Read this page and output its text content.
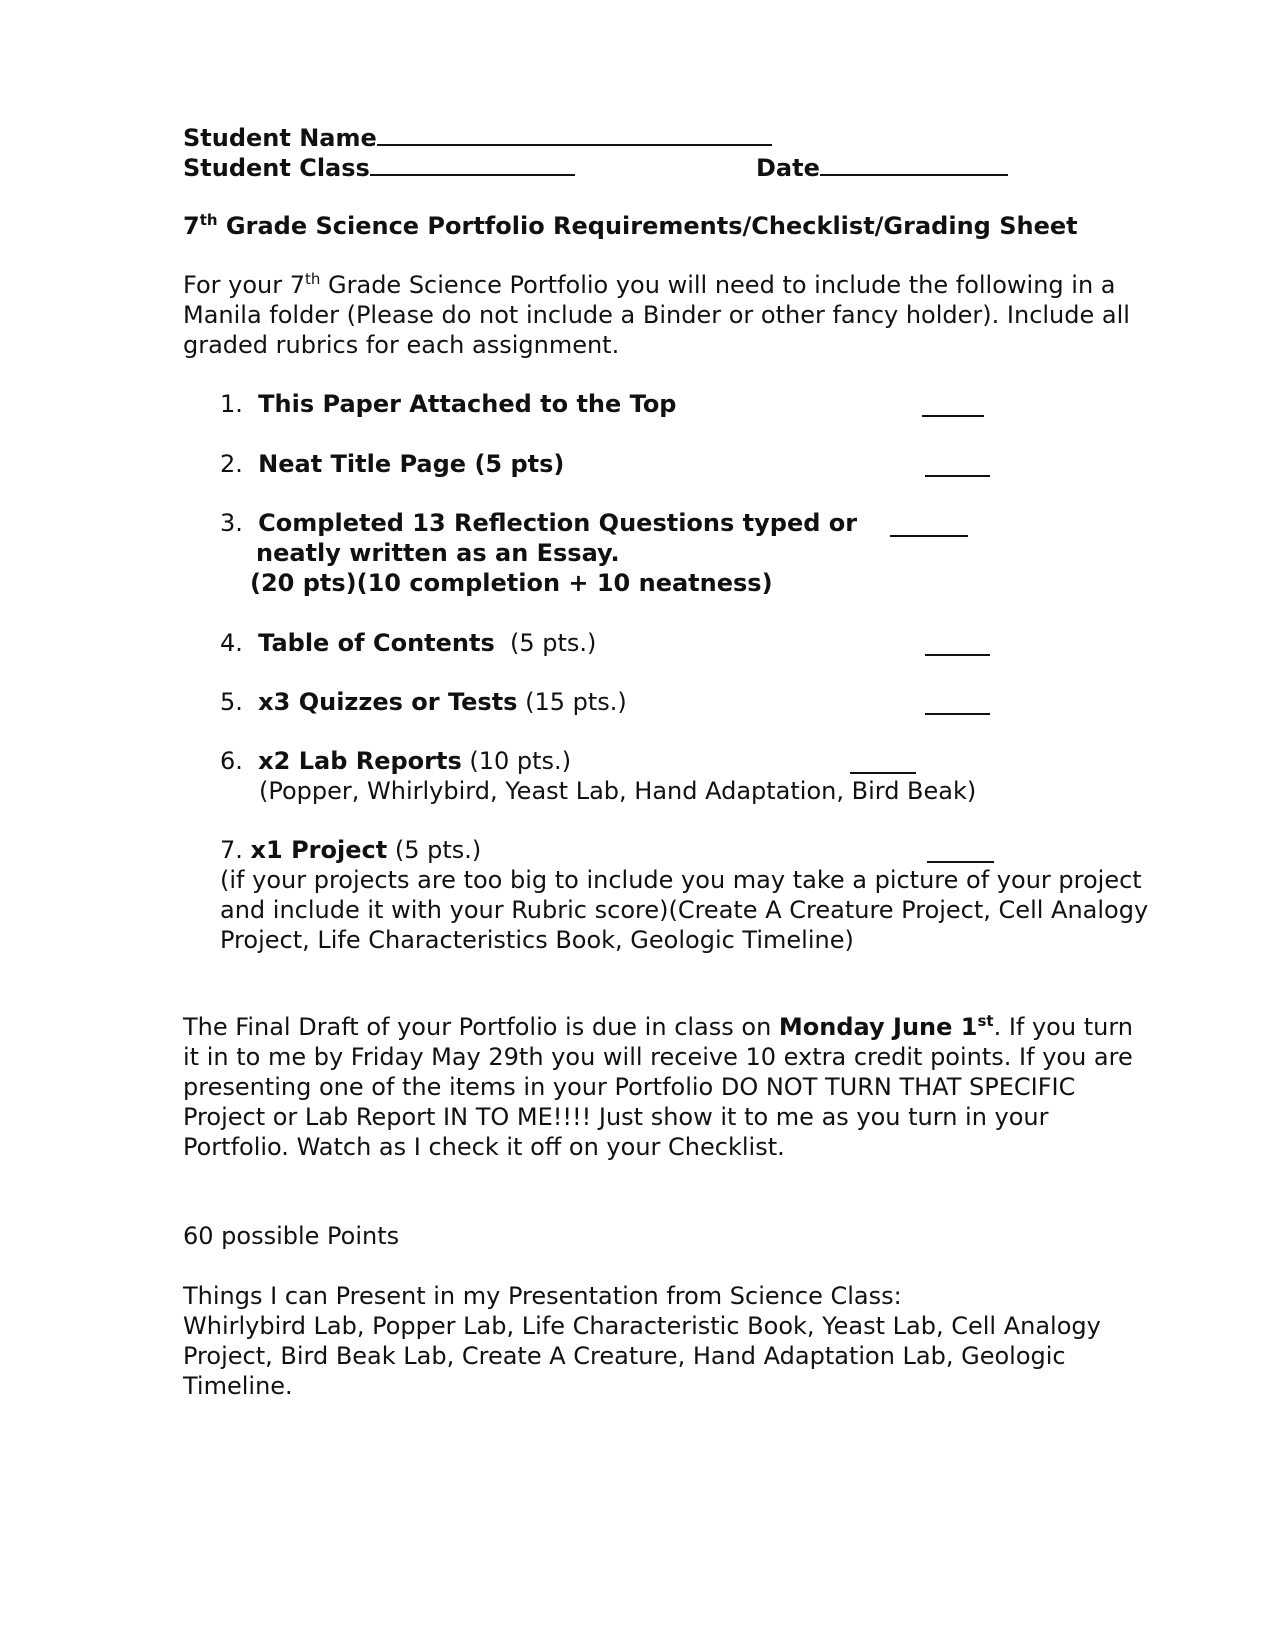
Student Name
Student Class	Date
7th Grade Science Portfolio Requirements/Checklist/Grading Sheet
For your 7th Grade Science Portfolio you will need to include the following in a
Manila folder (Please do not include a Binder or other fancy holder). Include all
graded rubrics for each assignment.
1. This Paper Attached to the Top
2. Neat Title Page (5 pts)
3. Completed 13 Reflection Questions typed or
neatly written as an Essay.
(20 pts)(10 completion + 10 neatness)
4. Table of Contents  (5 pts.)
5. x3 Quizzes or Tests (15 pts.)
6. x2 Lab Reports (10 pts.)
(Popper, Whirlybird, Yeast Lab, Hand Adaptation, Bird Beak)
7. x1 Project (5 pts.)
(if your projects are too big to include you may take a picture of your project
and include it with your Rubric score)(Create A Creature Project, Cell Analogy
Project, Life Characteristics Book, Geologic Timeline)
The Final Draft of your Portfolio is due in class on Monday June 1st. If you turn
it in to me by Friday May 29th you will receive 10 extra credit points. If you are
presenting one of the items in your Portfolio DO NOT TURN THAT SPECIFIC
Project or Lab Report IN TO ME!!!! Just show it to me as you turn in your
Portfolio. Watch as I check it off on your Checklist.
60 possible Points
Things I can Present in my Presentation from Science Class:
Whirlybird Lab, Popper Lab, Life Characteristic Book, Yeast Lab, Cell Analogy
Project, Bird Beak Lab, Create A Creature, Hand Adaptation Lab, Geologic
Timeline.
